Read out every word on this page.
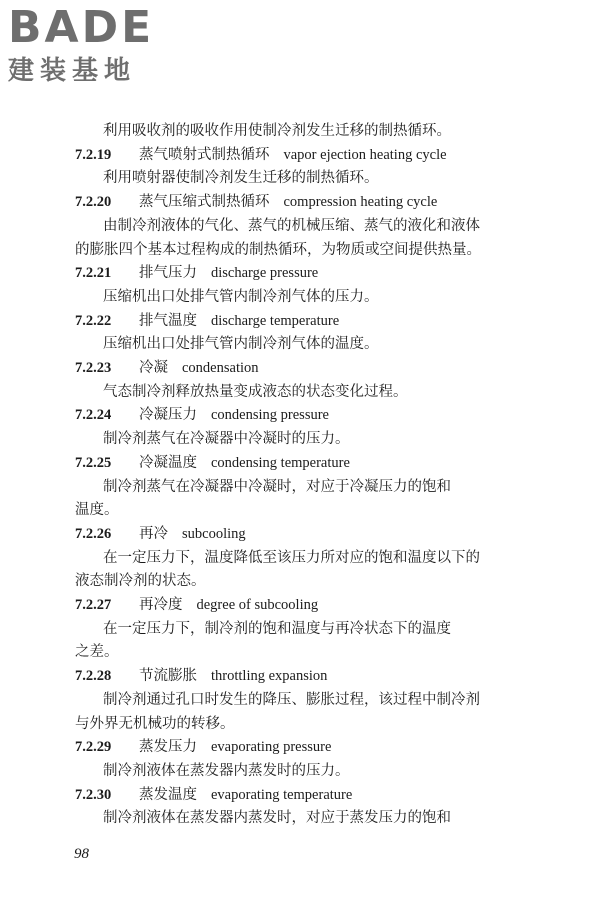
BADE
建装基地
利用吸收剂的吸收作用使制冷剂发生迁移的制热循环。
7.2.19 蒸气喷射式制热循环 vapor ejection heating cycle
利用喷射器使制冷剂发生迁移的制热循环。
7.2.20 蒸气压缩式制热循环 compression heating cycle
由制冷剂液体的气化、蒸气的机械压缩、蒸气的液化和液体
的膨胀四个基本过程构成的制热循环，为物质或空间提供热量。
7.2.21 排气压力 discharge pressure
压缩机出口处排气管内制冷剂气体的压力。
7.2.22 排气温度 discharge temperature
压缩机出口处排气管内制冷剂气体的温度。
7.2.23 冷凝 condensation
气态制冷剂释放热量变成液态的状态变化过程。
7.2.24 冷凝压力 condensing pressure
制冷剂蒸气在冷凝器中冷凝时的压力。
7.2.25 冷凝温度 condensing temperature
制冷剂蒸气在冷凝器中冷凝时，对应于冷凝压力的饱和
温度。
7.2.26 再冷 subcooling
在一定压力下，温度降低至该压力所对应的饱和温度以下的
液态制冷剂的状态。
7.2.27 再冷度 degree of subcooling
在一定压力下，制冷剂的饱和温度与再冷状态下的温度
之差。
7.2.28 节流膨胀 throttling expansion
制冷剂通过孔口时发生的降压、膨胀过程，该过程中制冷剂
与外界无机械功的转移。
7.2.29 蒸发压力 evaporating pressure
制冷剂液体在蒸发器内蒸发时的压力。
7.2.30 蒸发温度 evaporating temperature
制冷剂液体在蒸发器内蒸发时，对应于蒸发压力的饱和
98
